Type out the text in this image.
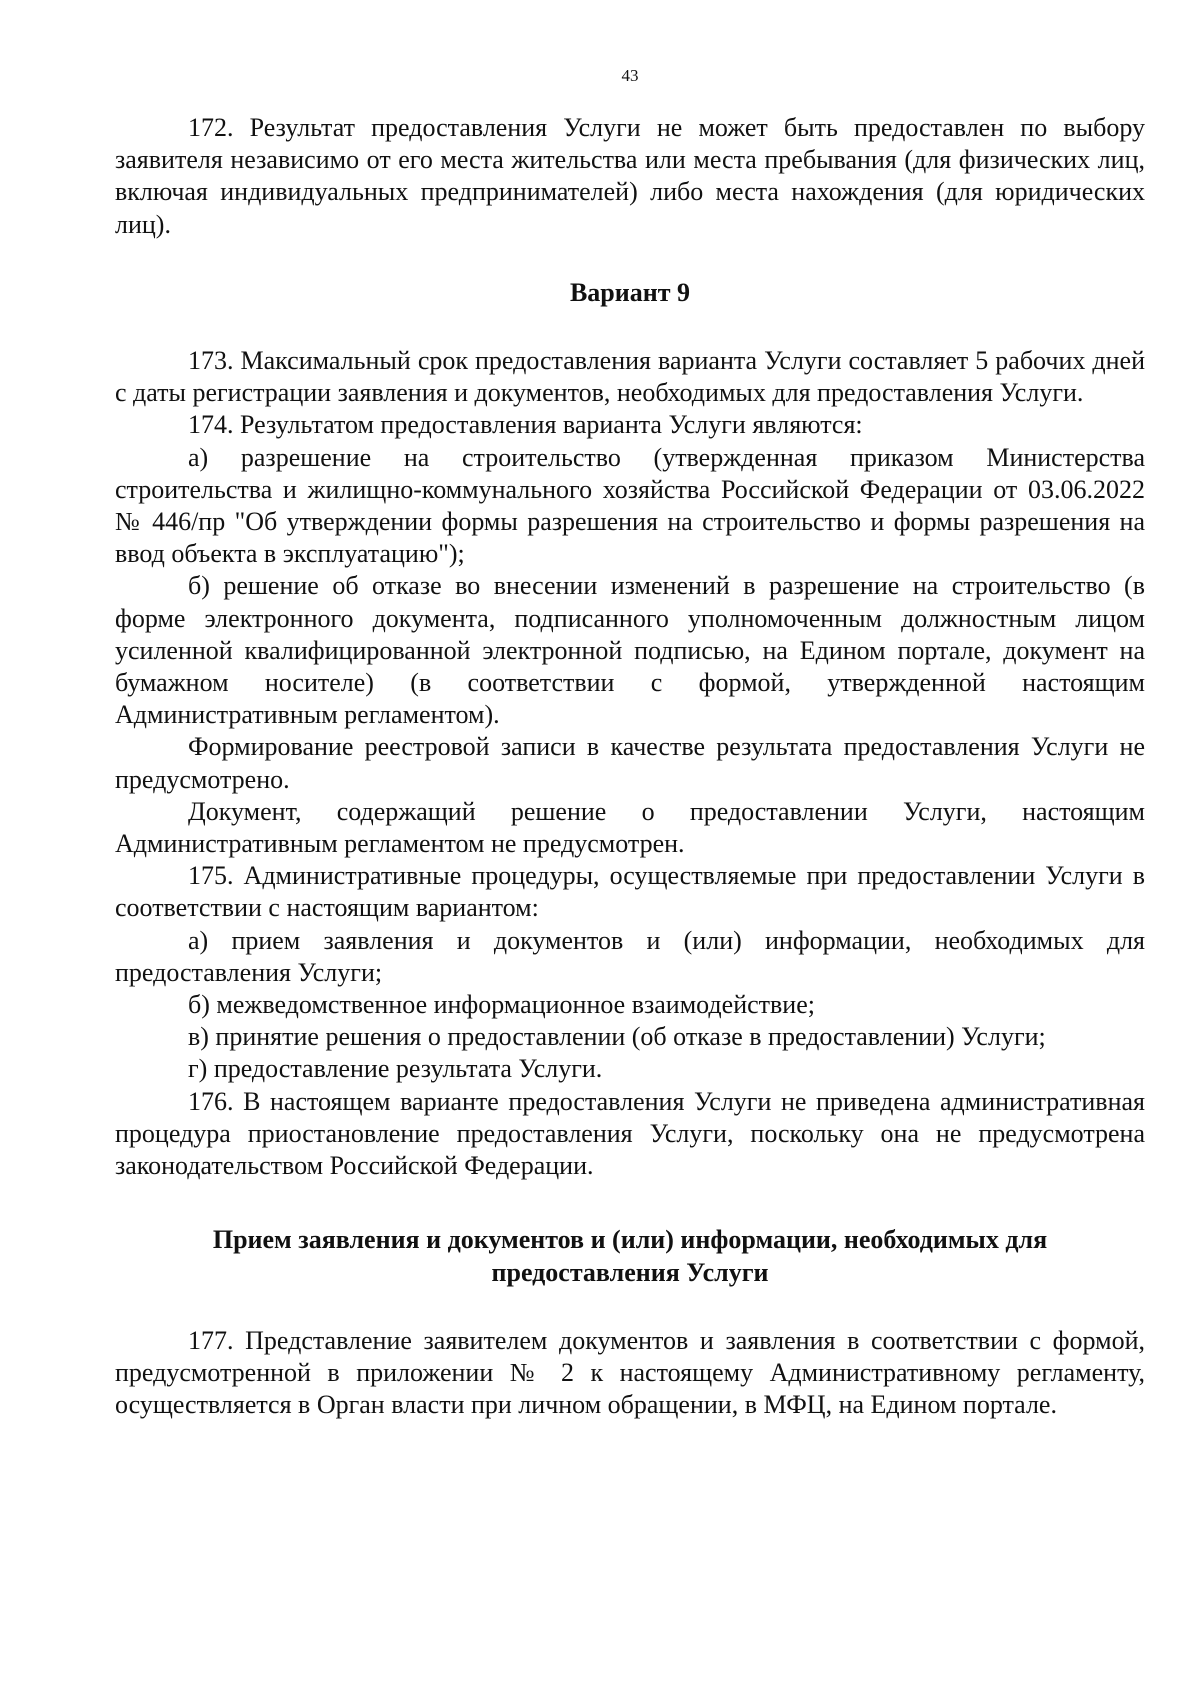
43

172. Результат предоставления Услуги не может быть предоставлен по выбору заявителя независимо от его места жительства или места пребывания (для физических лиц, включая индивидуальных предпринимателей) либо места нахождения (для юридических лиц).

Вариант 9

173. Максимальный срок предоставления варианта Услуги составляет 5 рабочих дней с даты регистрации заявления и документов, необходимых для предоставления Услуги.

174. Результатом предоставления варианта Услуги являются:

а) разрешение на строительство (утвержденная приказом Министерства строительства и жилищно-коммунального хозяйства Российской Федерации от 03.06.2022 № 446/пр "Об утверждении формы разрешения на строительство и формы разрешения на ввод объекта в эксплуатацию");

б) решение об отказе во внесении изменений в разрешение на строительство (в форме электронного документа, подписанного уполномоченным должностным лицом усиленной квалифицированной электронной подписью, на Едином портале, документ на бумажном носителе) (в соответствии с формой, утвержденной настоящим Административным регламентом).

Формирование реестровой записи в качестве результата предоставления Услуги не предусмотрено.

Документ, содержащий решение о предоставлении Услуги, настоящим Административным регламентом не предусмотрен.

175. Административные процедуры, осуществляемые при предоставлении Услуги в соответствии с настоящим вариантом:

а) прием заявления и документов и (или) информации, необходимых для предоставления Услуги;

б) межведомственное информационное взаимодействие;

в) принятие решения о предоставлении (об отказе в предоставлении) Услуги;

г) предоставление результата Услуги.

176. В настоящем варианте предоставления Услуги не приведена административная процедура приостановление предоставления Услуги, поскольку она не предусмотрена законодательством Российской Федерации.

Прием заявления и документов и (или) информации, необходимых для
предоставления Услуги

177. Представление заявителем документов и заявления в соответствии с формой, предусмотренной в приложении № 2 к настоящему Административному регламенту, осуществляется в Орган власти при личном обращении, в МФЦ, на Едином портале.
